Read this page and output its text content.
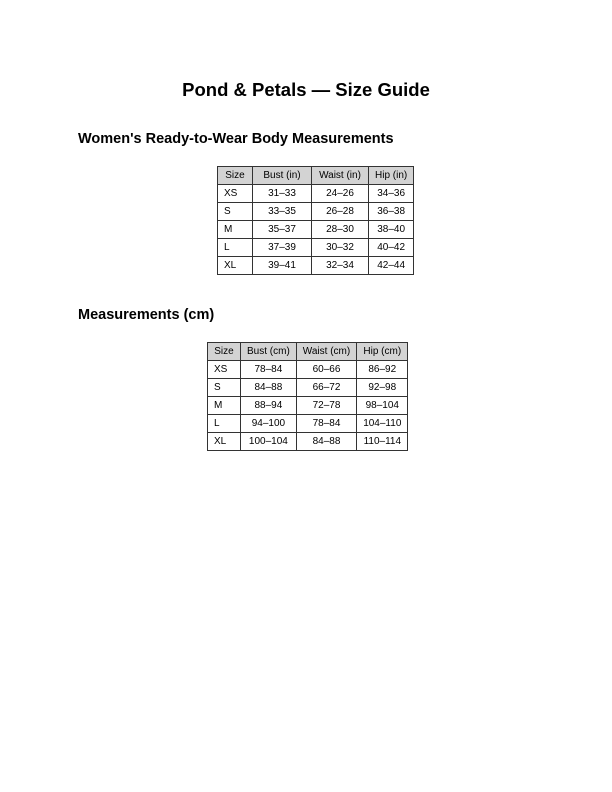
Pond & Petals — Size Guide
Women's Ready-to-Wear Body Measurements
Size	Bust (in)	Waist (in)	Hip (in)
XS	31–33	24–26	34–36
S	33–35	26–28	36–38
M	35–37	28–30	38–40
L	37–39	30–32	40–42
XL	39–41	32–34	42–44
Measurements (cm)
Size	Bust (cm)	Waist (cm)	Hip (cm)
XS	78–84	60–66	86–92
S	84–88	66–72	92–98
M	88–94	72–78	98–104
L	94–100	78–84	104–110
XL	100–104	84–88	110–114
